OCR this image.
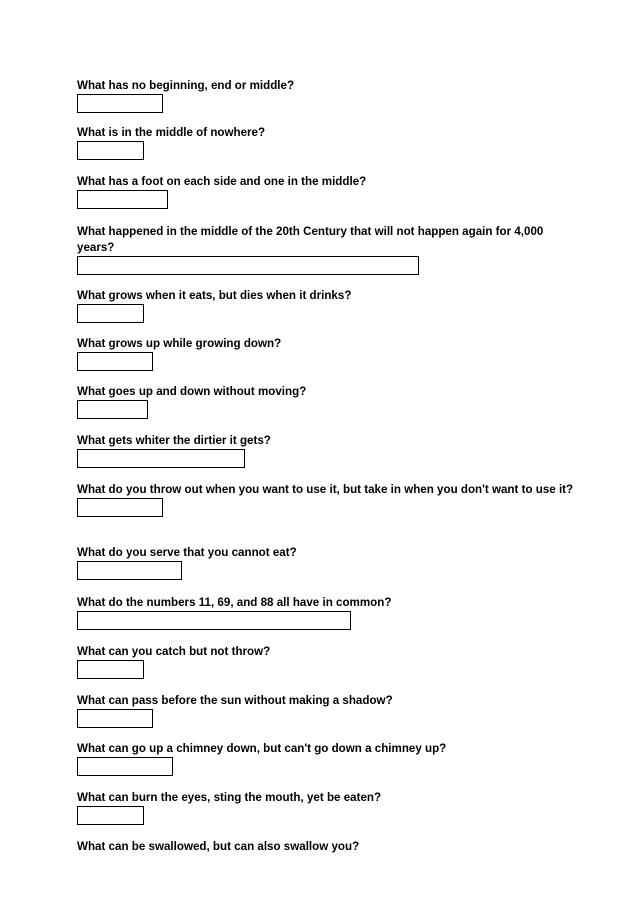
What has no beginning, end or middle?

What is in the middle of nowhere?

What has a foot on each side and one in the middle?

What happened in the middle of the 20th Century that will not happen again for 4,000 years?

What grows when it eats, but dies when it drinks?

What grows up while growing down?

What goes up and down without moving?

What gets whiter the dirtier it gets?

What do you throw out when you want to use it, but take in when you don't want to use it?

What do you serve that you cannot eat?

What do the numbers 11, 69, and 88 all have in common?

What can you catch but not throw?

What can pass before the sun without making a shadow?

What can go up a chimney down, but can't go down a chimney up?

What can burn the eyes, sting the mouth, yet be eaten?

What can be swallowed, but can also swallow you?
